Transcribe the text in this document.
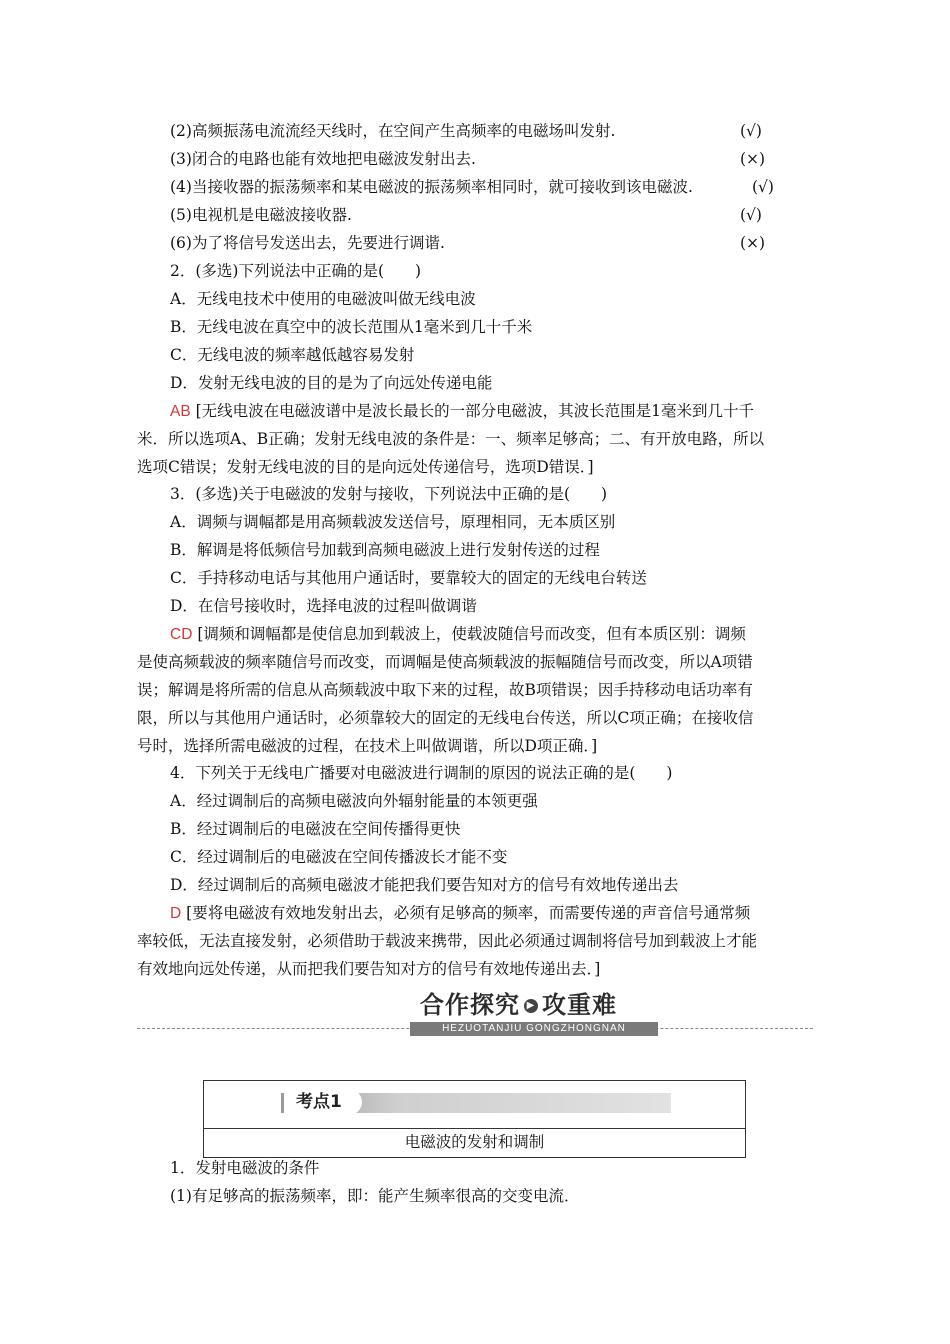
(2)高频振荡电流流经天线时，在空间产生高频率的电磁场叫发射.	(√)
(3)闭合的电路也能有效地把电磁波发射出去.	(×)
(4)当接收器的振荡频率和某电磁波的振荡频率相同时，就可接收到该电磁波.	(√)
(5)电视机是电磁波接收器.	(√)
(6)为了将信号发送出去，先要进行调谐.	(×)
2．(多选)下列说法中正确的是(　　)
A．无线电技术中使用的电磁波叫做无线电波
B．无线电波在真空中的波长范围从1毫米到几十千米
C．无线电波的频率越低越容易发射
D．发射无线电波的目的是为了向远处传递电能
AB [无线电波在电磁波谱中是波长最长的一部分电磁波，其波长范围是1毫米到几十千
米．所以选项A、B正确；发射无线电波的条件是：一、频率足够高；二、有开放电路，所以
选项C错误；发射无线电波的目的是向远处传递信号，选项D错误．]
3．(多选)关于电磁波的发射与接收，下列说法中正确的是(　　)
A．调频与调幅都是用高频载波发送信号，原理相同，无本质区别
B．解调是将低频信号加载到高频电磁波上进行发射传送的过程
C．手持移动电话与其他用户通话时，要靠较大的固定的无线电台转送
D．在信号接收时，选择电波的过程叫做调谐
CD [调频和调幅都是使信息加到载波上，使载波随信号而改变，但有本质区别：调频
是使高频载波的频率随信号而改变，而调幅是使高频载波的振幅随信号而改变，所以A项错
误；解调是将所需的信息从高频载波中取下来的过程，故B项错误；因手持移动电话功率有
限，所以与其他用户通话时，必须靠较大的固定的无线电台传送，所以C项正确；在接收信
号时，选择所需电磁波的过程，在技术上叫做调谐，所以D项正确．]
4．下列关于无线电广播要对电磁波进行调制的原因的说法正确的是(　　)
A．经过调制后的高频电磁波向外辐射能量的本领更强
B．经过调制后的电磁波在空间传播得更快
C．经过调制后的电磁波在空间传播波长才能不变
D．经过调制后的高频电磁波才能把我们要告知对方的信号有效地传递出去
D [要将电磁波有效地发射出去，必须有足够高的频率，而需要传递的声音信号通常频
率较低，无法直接发射，必须借助于载波来携带，因此必须通过调制将信号加到载波上才能
有效地向远处传递，从而把我们要告知对方的信号有效地传递出去．]
合作探究 ▶ 攻重难
HEZUOTANJIU GONGZHONGNAN
考点1
电磁波的发射和调制
1．发射电磁波的条件
(1)有足够高的振荡频率，即：能产生频率很高的交变电流．
